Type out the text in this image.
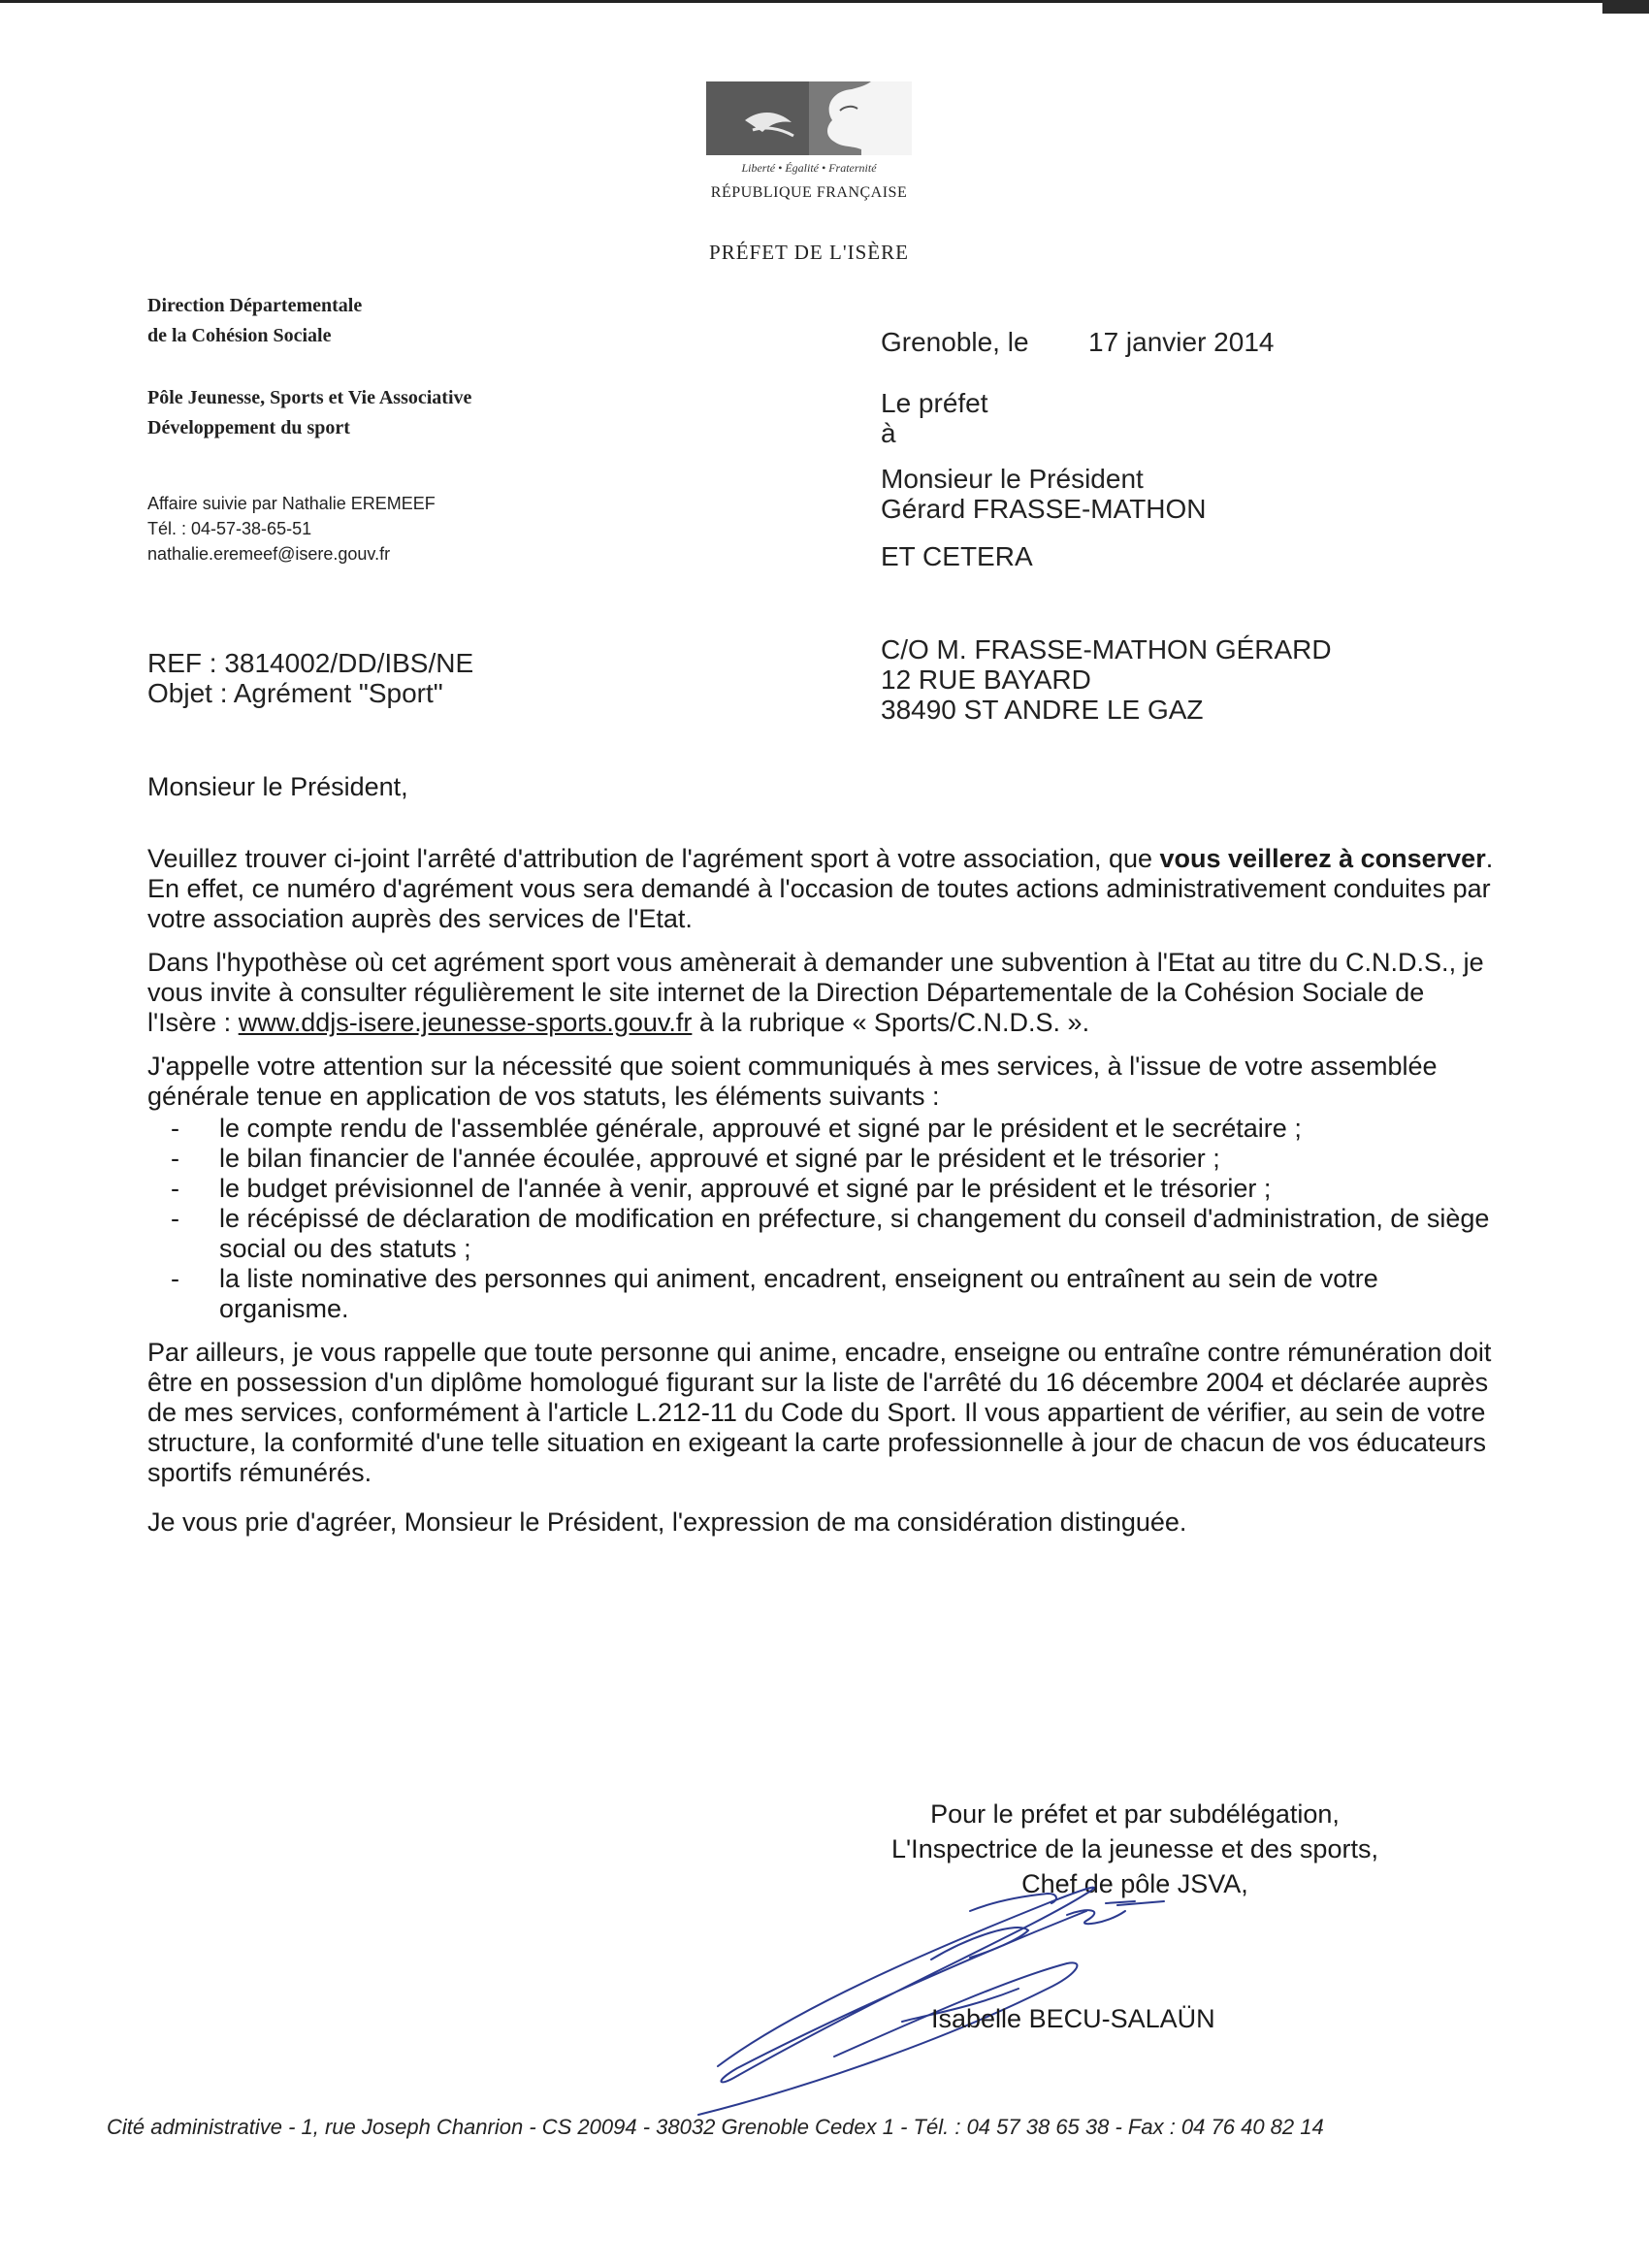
Liberté • Égalité • Fraternité
RÉPUBLIQUE FRANÇAISE
PRÉFET DE L'ISÈRE
Direction Départementale
de la Cohésion Sociale
Pôle Jeunesse, Sports et Vie Associative
Développement du sport
Affaire suivie par Nathalie EREMEEF
Tél. : 04-57-38-65-51
nathalie.eremeef@isere.gouv.fr
Grenoble, le 17 janvier 2014
Le préfet
à
Monsieur le Président
Gérard FRASSE-MATHON
ET CETERA
C/O M. FRASSE-MATHON GÉRARD
12 RUE BAYARD
38490 ST ANDRE LE GAZ
REF : 3814002/DD/IBS/NE
Objet : Agrément "Sport"
Monsieur le Président,

Veuillez trouver ci-joint l'arrêté d'attribution de l'agrément sport à votre association, que vous veillerez à conserver. En effet, ce numéro d'agrément vous sera demandé à l'occasion de toutes actions administrativement conduites par votre association auprès des services de l'Etat.

Dans l'hypothèse où cet agrément sport vous amènerait à demander une subvention à l'Etat au titre du C.N.D.S., je vous invite à consulter régulièrement le site internet de la Direction Départementale de la Cohésion Sociale de l'Isère : www.ddjs-isere.jeunesse-sports.gouv.fr à la rubrique « Sports/C.N.D.S. ».

J'appelle votre attention sur la nécessité que soient communiqués à mes services, à l'issue de votre assemblée générale tenue en application de vos statuts, les éléments suivants :

- le compte rendu de l'assemblée générale, approuvé et signé par le président et le secrétaire ;
- le bilan financier de l'année écoulée, approuvé et signé par le président et le trésorier ;
- le budget prévisionnel de l'année à venir, approuvé et signé par le président et le trésorier ;
- le récépissé de déclaration de modification en préfecture, si changement du conseil d'administration, de siège social ou des statuts ;
- la liste nominative des personnes qui animent, encadrent, enseignent ou entraînent au sein de votre organisme.

Par ailleurs, je vous rappelle que toute personne qui anime, encadre, enseigne ou entraîne contre rémunération doit être en possession d'un diplôme homologué figurant sur la liste de l'arrêté du 16 décembre 2004 et déclarée auprès de mes services, conformément à l'article L.212-11 du Code du Sport. Il vous appartient de vérifier, au sein de votre structure, la conformité d'une telle situation en exigeant la carte professionnelle à jour de chacun de vos éducateurs sportifs rémunérés.

Je vous prie d'agréer, Monsieur le Président, l'expression de ma considération distinguée.

Pour le préfet et par subdélégation,
L'Inspectrice de la jeunesse et des sports,
Chef de pôle JSVA,
Isabelle BECU-SALAÜN
Cité administrative - 1, rue Joseph Chanrion - CS 20094 - 38032 Grenoble Cedex 1 - Tél. : 04 57 38 65 38 - Fax : 04 76 40 82 14
